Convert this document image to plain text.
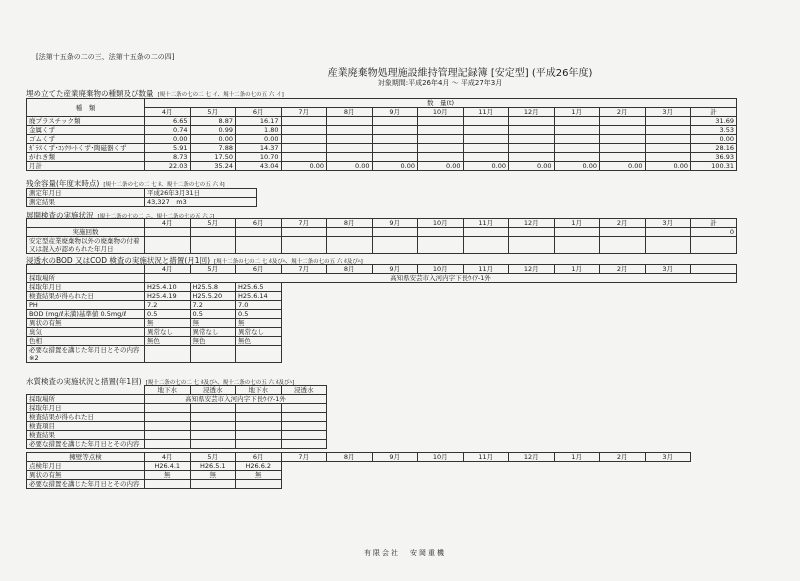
[法第十五条の二の三、法第十五条の二の四]
産業廃棄物処理施設維持管理記録簿 [安定型] (平成26年度)
対象期間:平成26年4月 ～ 平成27年3月
埋め立てた産業廃棄物の種類及び数量 [規十二条の七の二 七 イ、規十二条の七の五 六 イ]
種　類	数　量(t)												
	4月	5月	6月	7月	8月	9月	10月	11月	12月	1月	2月	3月	計
廃プラスチック類	6.65	8.87	16.17										31.69
金属くず	0.74	0.99	1.80										3.53
ゴムくず	0.00	0.00	0.00										0.00
ｶﾞﾗｽくず･ｺﾝｸﾘｰﾄくず･陶磁器くず	5.91	7.88	14.37										28.16
がれき類	8.73	17.50	10.70										36.93
月計	22.03	35.24	43.04	0.00	0.00	0.00	0.00	0.00	0.00	0.00	0.00	0.00	100.31
残余容量(年度末時点) [規十二条の七の二 七 ﾎ、規十二条の七の五 六 ﾎ]
測定年月日	平成26年3月31日
測定結果	43,327　m3
展開検査の実施状況 [規十二条の七の二 ニ、規十二条の七の五 六 ﾆ]
	4月	5月	6月	7月	8月	9月	10月	11月	12月	1月	2月	3月	計
実施回数													0
安定型産業廃棄物以外の廃棄物の付着又は混入が認められた年月日													
浸透水のBOD 又はCOD 検査の実施状況と措置(月1回) [規十二条の七の二 七 ﾎ及びﾍ、規十二条の七の五 六 ﾎ及びﾍ]
	4月	5月	6月	7月	8月	9月	10月	11月	12月	1月	2月	3月	
採取場所	高知県安芸市入河内字下長ｳｲｱ-1外												
採取年月日	H25.4.10	H25.5.8	H25.6.5										
検査結果が得られた日	H25.4.19	H25.5.20	H25.6.14										
PH	7.2	7.2	7.0										
BOD (mg/ℓ未満)基準値 0.5mg/ℓ	0.5	0.5	0.5										
異状の有無	無	無	無										
臭気	異常なし	異常なし	異常なし										
色相	無色	無色	無色										
必要な措置を講じた年月日とその内容
※2													
水質検査の実施状況と措置(年1回) [規十二条の七の二 七 ﾎ及びﾍ、規十二条の七の五 六 ﾎ及びﾍ]
	地下水	浸透水	地下水	浸透水
採取場所	高知県安芸市入河内字下長ｳｲｱ-1外			
採取年月日				
検査結果が得られた日				
検査項目				
検査結果				
必要な措置を講じた年月日とその内容				
擁壁等点検	4月	5月	6月	7月	8月	9月	10月	11月	12月	1月	2月	3月	
点検年月日	H26.4.1	H26.5.1	H26.6.2										
異状の有無	無	無	無										
必要な措置を講じた年月日とその内容													
有限会社 安岡重機
